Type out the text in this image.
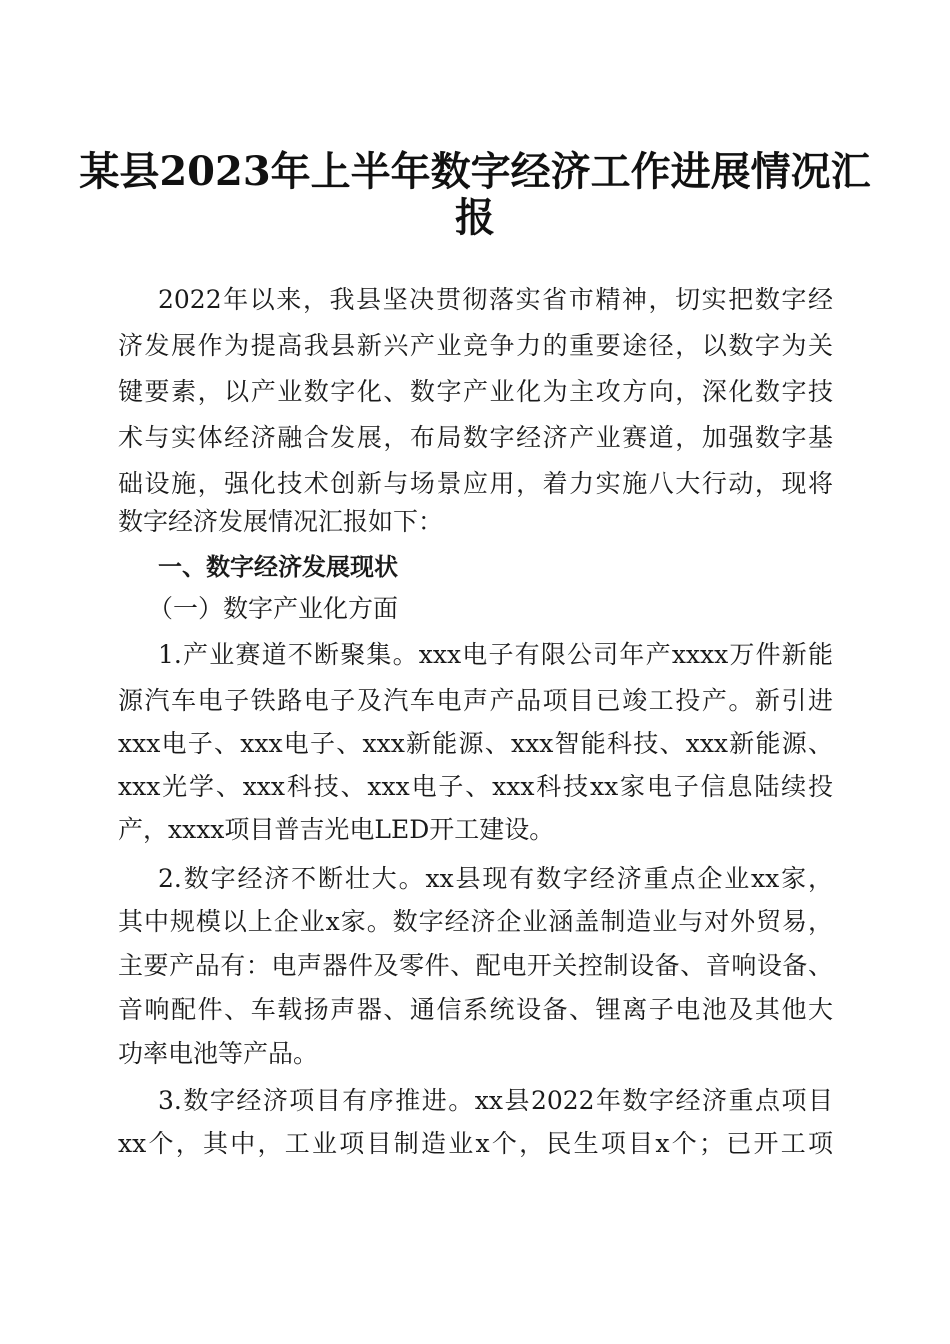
某县2023年上半年数字经济工作进展情况汇
报
2022年以来，我县坚决贯彻落实省市精神，切实把数字经
济发展作为提高我县新兴产业竞争力的重要途径，以数字为关
键要素，以产业数字化、数字产业化为主攻方向，深化数字技
术与实体经济融合发展，布局数字经济产业赛道，加强数字基
础设施，强化技术创新与场景应用，着力实施八大行动，现将
数字经济发展情况汇报如下：
一、数字经济发展现状
（一）数字产业化方面
1.产业赛道不断聚集。xxx电子有限公司年产xxxx万件新能
源汽车电子铁路电子及汽车电声产品项目已竣工投产。新引进
xxx电子、xxx电子、xxx新能源、xxx智能科技、xxx新能源、
xxx光学、xxx科技、xxx电子、xxx科技xx家电子信息陆续投
产，xxxx项目普吉光电LED开工建设。
2.数字经济不断壮大。xx县现有数字经济重点企业xx家，
其中规模以上企业x家。数字经济企业涵盖制造业与对外贸易，
主要产品有：电声器件及零件、配电开关控制设备、音响设备、
音响配件、车载扬声器、通信系统设备、锂离子电池及其他大
功率电池等产品。
3.数字经济项目有序推进。xx县2022年数字经济重点项目
xx个，其中，工业项目制造业x个，民生项目x个；已开工项
